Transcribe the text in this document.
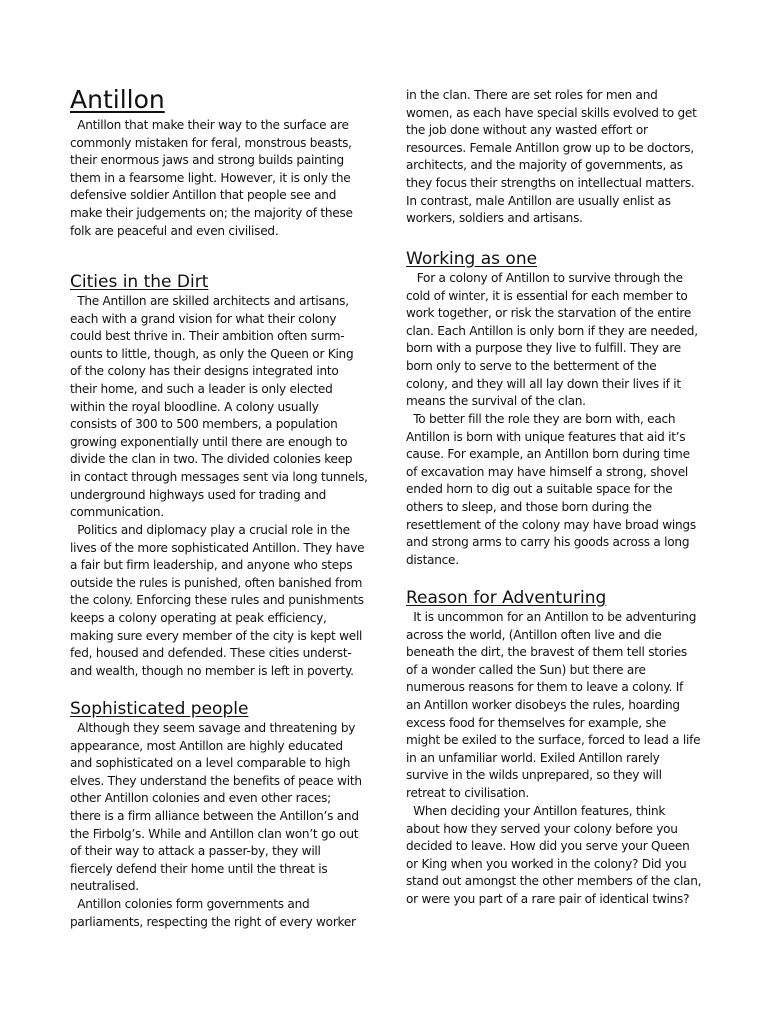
Antillon
Antillon that make their way to the surface are
commonly mistaken for feral, monstrous beasts,
their enormous jaws and strong builds painting
them in a fearsome light. However, it is only the
defensive soldier Antillon that people see and
make their judgements on; the majority of these
folk are peaceful and even civilised.
Cities in the Dirt
The Antillon are skilled architects and artisans,
each with a grand vision for what their colony
could best thrive in. Their ambition often surm-
ounts to little, though, as only the Queen or King
of the colony has their designs integrated into
their home, and such a leader is only elected
within the royal bloodline. A colony usually
consists of 300 to 500 members, a population
growing exponentially until there are enough to
divide the clan in two. The divided colonies keep
in contact through messages sent via long tunnels,
underground highways used for trading and
communication.
Politics and diplomacy play a crucial role in the
lives of the more sophisticated Antillon. They have
a fair but firm leadership, and anyone who steps
outside the rules is punished, often banished from
the colony. Enforcing these rules and punishments
keeps a colony operating at peak efficiency,
making sure every member of the city is kept well
fed, housed and defended. These cities underst-
and wealth, though no member is left in poverty.
Sophisticated people
Although they seem savage and threatening by
appearance, most Antillon are highly educated
and sophisticated on a level comparable to high
elves. They understand the benefits of peace with
other Antillon colonies and even other races;
there is a firm alliance between the Antillon’s and
the Firbolg’s. While and Antillon clan won’t go out
of their way to attack a passer-by, they will
fiercely defend their home until the threat is
neutralised.
Antillon colonies form governments and
parliaments, respecting the right of every worker
in the clan. There are set roles for men and
women, as each have special skills evolved to get
the job done without any wasted effort or
resources. Female Antillon grow up to be doctors,
architects, and the majority of governments, as
they focus their strengths on intellectual matters.
In contrast, male Antillon are usually enlist as
workers, soldiers and artisans.
Working as one
For a colony of Antillon to survive through the
cold of winter, it is essential for each member to
work together, or risk the starvation of the entire
clan. Each Antillon is only born if they are needed,
born with a purpose they live to fulfill. They are
born only to serve to the betterment of the
colony, and they will all lay down their lives if it
means the survival of the clan.
To better fill the role they are born with, each
Antillon is born with unique features that aid it’s
cause. For example, an Antillon born during time
of excavation may have himself a strong, shovel
ended horn to dig out a suitable space for the
others to sleep, and those born during the
resettlement of the colony may have broad wings
and strong arms to carry his goods across a long
distance.
Reason for Adventuring
It is uncommon for an Antillon to be adventuring
across the world, (Antillon often live and die
beneath the dirt, the bravest of them tell stories
of a wonder called the Sun) but there are
numerous reasons for them to leave a colony. If
an Antillon worker disobeys the rules, hoarding
excess food for themselves for example, she
might be exiled to the surface, forced to lead a life
in an unfamiliar world. Exiled Antillon rarely
survive in the wilds unprepared, so they will
retreat to civilisation.
When deciding your Antillon features, think
about how they served your colony before you
decided to leave. How did you serve your Queen
or King when you worked in the colony? Did you
stand out amongst the other members of the clan,
or were you part of a rare pair of identical twins?
